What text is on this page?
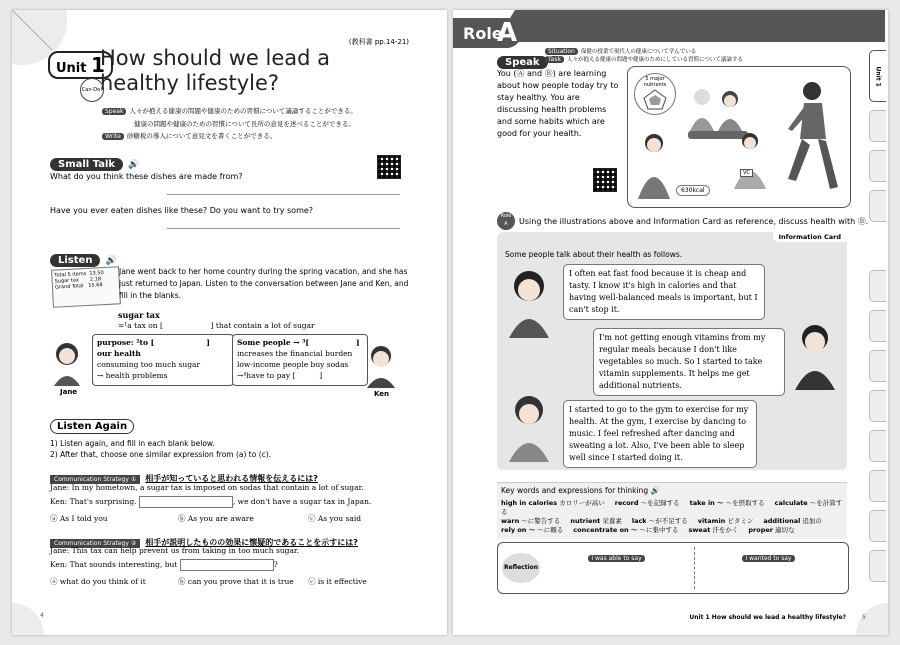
(教科書 pp.14-21)
Unit 1
How should we lead a
healthy lifestyle?
Can-Do!
Speak 人々が抱える健康の問題や健康のための習慣について議論することができる。
健康の問題や健康のための習慣について長所の意見を述べることができる。
Write 砂糖税の導入について意見文を書くことができる。
Small Talk 🔊
What do you think these dishes are made from?
Have you ever eaten dishes like these? Do you want to try some?
Listen 🔊
Total 5 items  13.50
Sugar tax       2.18
Grand Total   15.68
Jane went back to her home country during the spring vacation, and she has just returned to Japan. Listen to the conversation between Jane and Ken, and fill in the blanks.
sugar tax
=¹a tax on [                    ] that contain a lot of sugar
purpose: ²to [                    ]
our health
consuming too much sugar
→ health problems
Some people → ³[                  ]
increases the financial burden
low-income people buy sodas
→⁴have to pay [          ]
Jane	Ken
Listen Again
1) Listen again, and fill in each blank below.
2) After that, choose one similar expression from (a) to (c).
Communication Strategy ① 相手が知っていると思われる情報を伝えるには?
Jane: In my hometown, a sugar tax is imposed on sodas that contain a lot of sugar.
Ken: That's surprising.	, we don't have a sugar tax in Japan.
ⓐ As I told you	ⓑ As you are aware	ⓒ As you said
Communication Strategy ② 相手が説明したものの効果に懐疑的であることを示すには?
Jane: This tax can help prevent us from taking in too much sugar.
Ken: That sounds interesting, but	?
ⓐ what do you think of it	ⓑ can you prove that it is true ⓒ is it effective
4
Role
A
Unit 1
Speak
Situation 保健の授業で現代人の健康について学んでいる
Task 人々が抱える健康の問題や健康のためにしている習慣について議論する
You (Ⓐ and Ⓑ) are learning about how people today try to stay healthy. You are discussing health problems and some habits which are good for your health.
5 major nutrients
630kcal
VC
Role
A	Using the illustrations above and Information Card as reference, discuss health with Ⓑ.
Information Card
Some people talk about their health as follows.
I often eat fast food because it is cheap and tasty. I know it's high in calories and that having well-balanced meals is important, but I can't stop it.
I'm not getting enough vitamins from my regular meals because I don't like vegetables so much. So I started to take vitamin supplements. It helps me get additional nutrients.
I started to go to the gym to exercise for my health. At the gym, I exercise by dancing to music. I feel refreshed after dancing and sweating a lot. Also, I've been able to sleep well since I started doing it.
Key words and expressions for thinking 🔊
high in calories カロリーが高い record ～を記録する take in ～ ～を摂取する calculate ～を計算する
warn ～に警告する nutrient 栄養素 lack ～が不足する vitamin ビタミン additional 追加の
rely on ～ ～に頼る concentrate on ～ ～に集中する sweat 汗をかく proper 適切な
Reflection
I was able to say	I wanted to say
Unit 1 How should we lead a healthy lifestyle?	5
